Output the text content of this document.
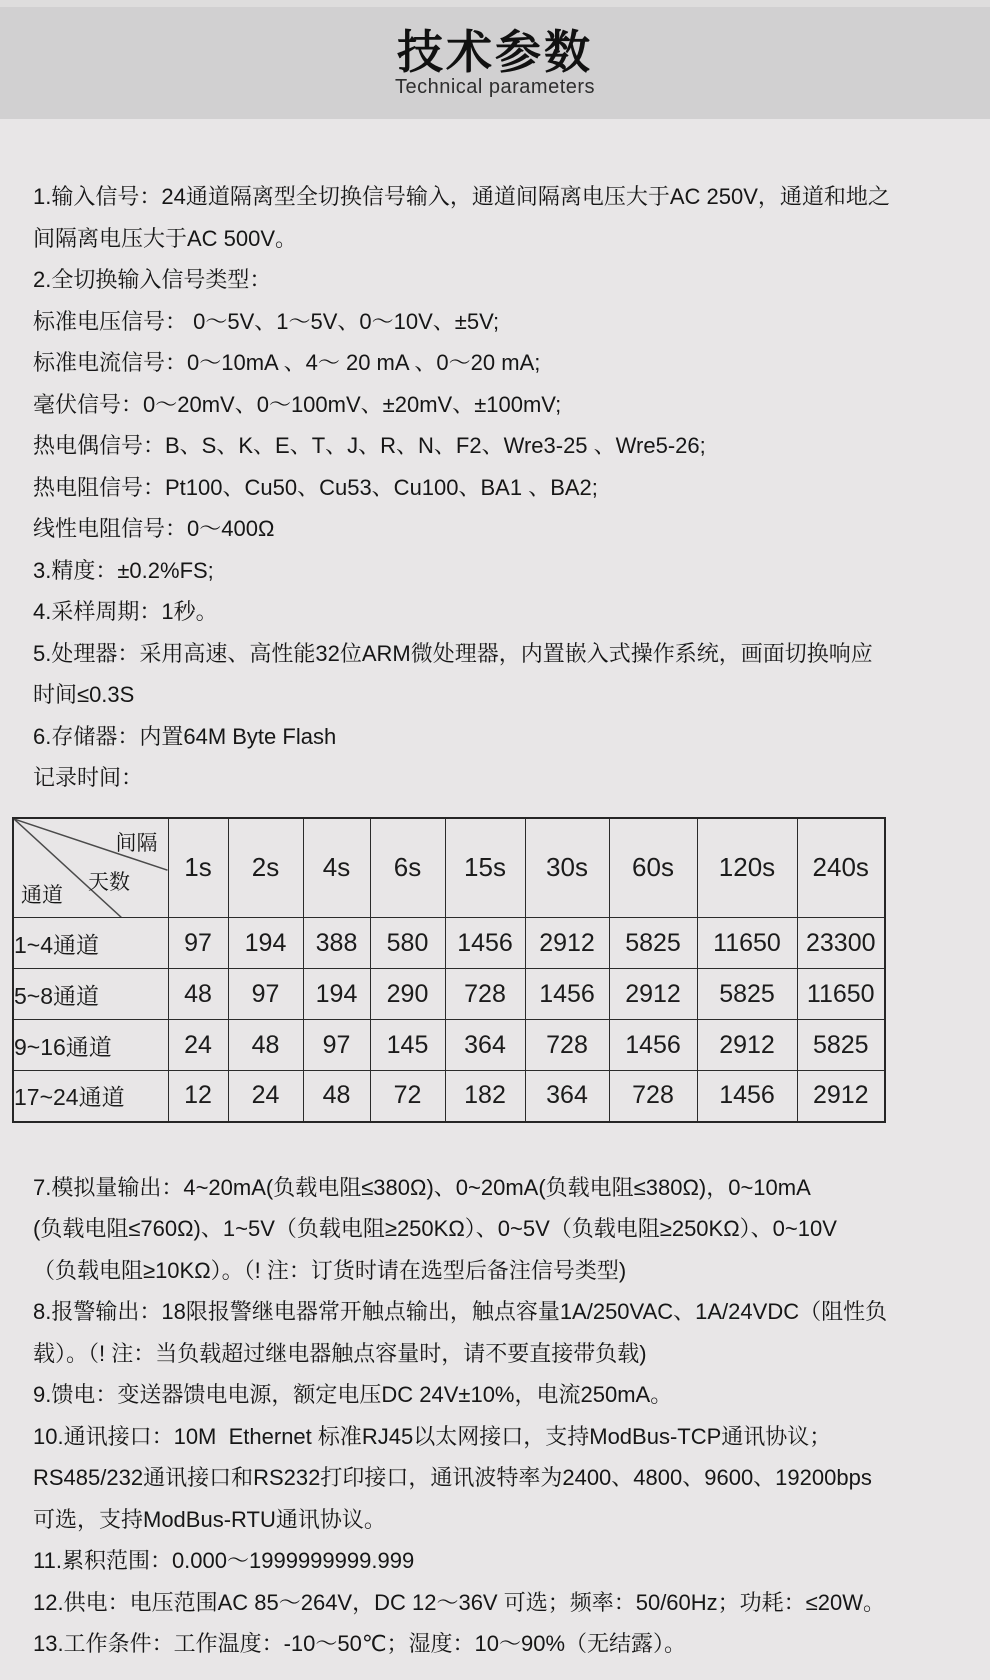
技术参数
Technical parameters
1.输入信号：24通道隔离型全切换信号输入，通道间隔离电压大于AC 250V，通道和地之
间隔离电压大于AC 500V。
2.全切换输入信号类型：
标准电压信号： 0～5V、1～5V、0～10V、±5V;
标准电流信号：0～10mA 、4～ 20 mA 、0～20 mA;
毫伏信号：0～20mV、0～100mV、±20mV、±100mV;
热电偶信号：B、S、K、E、T、J、R、N、F2、Wre3-25 、Wre5-26;
热电阻信号：Pt100、Cu50、Cu53、Cu100、BA1 、BA2;
线性电阻信号：0～400Ω
3.精度：±0.2%FS;
4.采样周期：1秒。
5.处理器：采用高速、高性能32位ARM微处理器，内置嵌入式操作系统，画面切换响应
时间≤0.3S
6.存储器：内置64M Byte Flash
记录时间：
间隔
天数
通道	1s	2s	4s	6s	15s	30s	60s	120s	240s
1~4通道	97	194	388	580	1456	2912	5825	11650	23300
5~8通道	48	97	194	290	728	1456	2912	5825	11650
9~16通道	24	48	97	145	364	728	1456	2912	5825
17~24通道	12	24	48	72	182	364	728	1456	2912
7.模拟量输出：4~20mA(负载电阻≤380Ω)、0~20mA(负载电阻≤380Ω)，0~10mA
(负载电阻≤760Ω)、1~5V（负载电阻≥250KΩ）、0~5V（负载电阻≥250KΩ）、0~10V
（负载电阻≥10KΩ）。（! 注：订货时请在选型后备注信号类型)
8.报警输出：18限报警继电器常开触点输出，触点容量1A/250VAC、1A/24VDC（阻性负
载）。（! 注：当负载超过继电器触点容量时，请不要直接带负载)
9.馈电：变送器馈电电源，额定电压DC 24V±10%，电流250mA。
10.通讯接口：10M  Ethernet 标准RJ45以太网接口，支持ModBus-TCP通讯协议；
RS485/232通讯接口和RS232打印接口，通讯波特率为2400、4800、9600、19200bps
可选，支持ModBus-RTU通讯协议。
11.累积范围：0.000～1999999999.999
12.供电：电压范围AC 85～264V，DC 12～36V 可选；频率：50/60Hz；功耗：≤20W。
13.工作条件：工作温度：-10～50℃；湿度：10～90%（无结露）。
